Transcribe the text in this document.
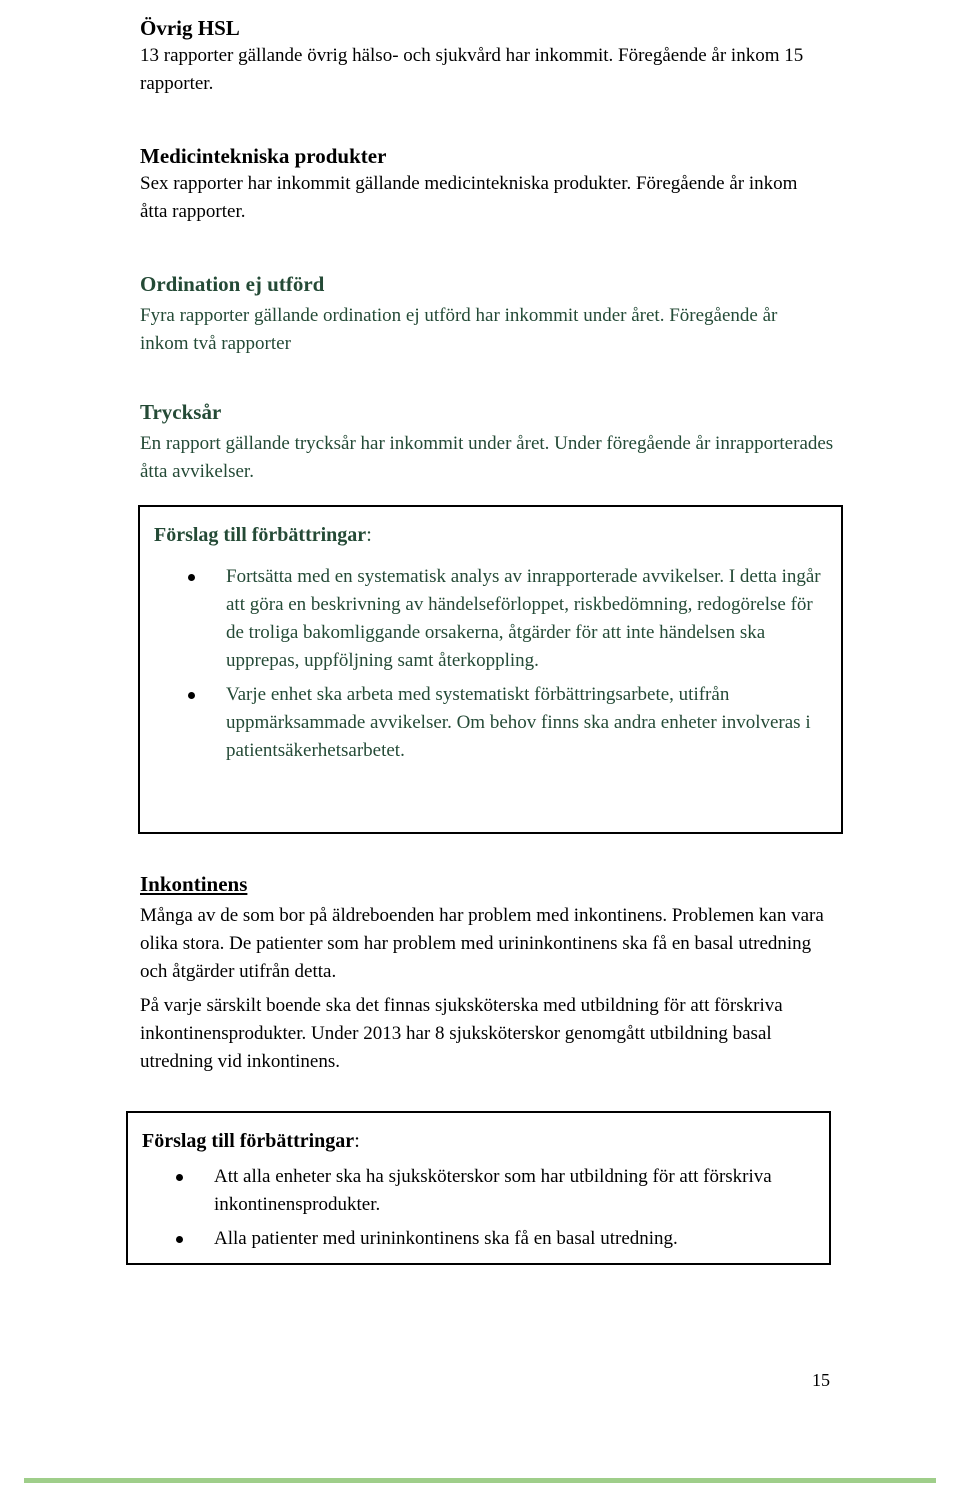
Övrig HSL

13 rapporter gällande övrig hälso- och sjukvård har inkommit. Föregående år inkom 15 rapporter.

Medicintekniska produkter

Sex rapporter har inkommit gällande medicintekniska produkter. Föregående år inkom åtta rapporter.

Ordination ej utförd

Fyra rapporter gällande ordination ej utförd har inkommit under året. Föregående år inkom två rapporter

Trycksår

En rapport gällande trycksår har inkommit under året. Under föregående år inrapporterades åtta avvikelser.

Förslag till förbättringar:

Fortsätta med en systematisk analys av inrapporterade avvikelser. I detta ingår att göra en beskrivning av händelseförloppet, riskbedömning, redogörelse för de troliga bakomliggande orsakerna, åtgärder för att inte händelsen ska upprepas, uppföljning samt återkoppling.
Varje enhet ska arbeta med systematiskt förbättringsarbete, utifrån uppmärksammade avvikelser. Om behov finns ska andra enheter involveras i patientsäkerhetsarbetet.

Inkontinens

Många av de som bor på äldreboenden har problem med inkontinens. Problemen kan vara olika stora. De patienter som har problem med urininkontinens ska få en basal utredning och åtgärder utifrån detta.

På varje särskilt boende ska det finnas sjuksköterska med utbildning för att förskriva inkontinensprodukter. Under 2013 har 8 sjuksköterskor genomgått utbildning basal utredning vid inkontinens.

Förslag till förbättringar:

Att alla enheter ska ha sjuksköterskor som har utbildning för att förskriva inkontinensprodukter.
Alla patienter med urininkontinens ska få en basal utredning.
15
